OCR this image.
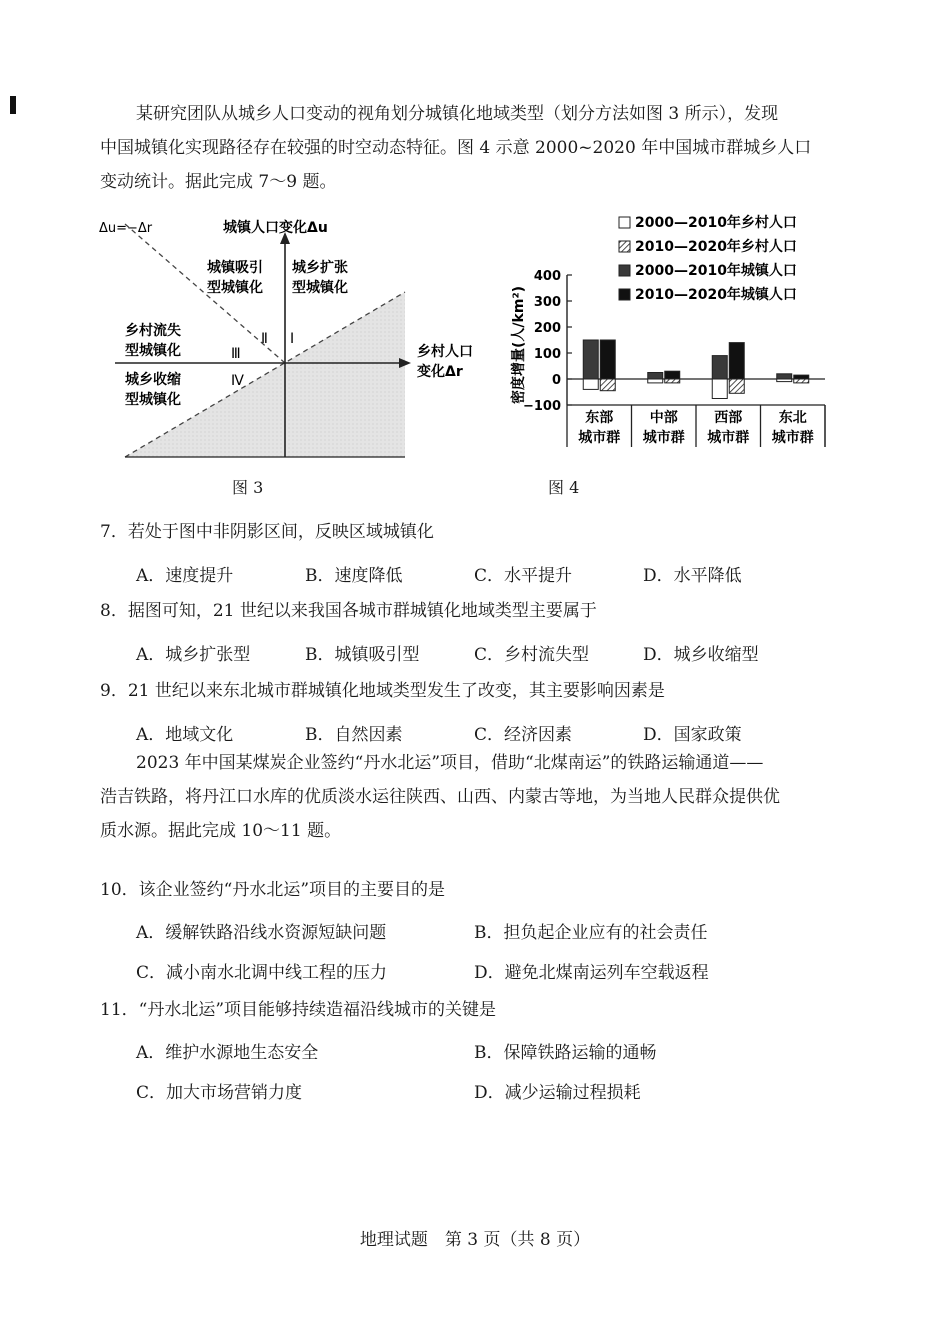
某研究团队从城乡人口变动的视角划分城镇化地域类型（划分方法如图 3 所示），发现
中国城镇化实现路径存在较强的时空动态特征。图 4 示意 2000~2020 年中国城市群城乡人口
变动统计。据此完成 7～9 题。
Δu=−Δr	城镇人口变化Δu
乡村人口
变化Δr
城镇吸引
型城镇化
城乡扩张
型城镇化
乡村流失
型城镇化
城乡收缩
型城镇化
Ⅰ
Ⅱ
Ⅲ
Ⅳ
图 3
密度增量(人/km²)
−100
0
100
200
300
400
东部
城市群
中部
城市群
西部
城市群
东北
城市群
2000—2010年乡村人口
2010—2020年乡村人口
2000—2010年城镇人口
2010—2020年城镇人口
图 4
7．若处于图中非阴影区间，反映区域城镇化
A．速度提升	B．速度降低	C．水平提升	D．水平降低
8．据图可知，21 世纪以来我国各城市群城镇化地域类型主要属于
A．城乡扩张型	B．城镇吸引型	C．乡村流失型	D．城乡收缩型
9．21 世纪以来东北城市群城镇化地域类型发生了改变，其主要影响因素是
A．地域文化	B．自然因素	C．经济因素	D．国家政策
2023 年中国某煤炭企业签约“丹水北运”项目，借助“北煤南运”的铁路运输通道——
浩吉铁路，将丹江口水库的优质淡水运往陕西、山西、内蒙古等地，为当地人民群众提供优
质水源。据此完成 10～11 题。
10．该企业签约“丹水北运”项目的主要目的是
A．缓解铁路沿线水资源短缺问题	B．担负起企业应有的社会责任
C．减小南水北调中线工程的压力	D．避免北煤南运列车空载返程
11．“丹水北运”项目能够持续造福沿线城市的关键是
A．维护水源地生态安全	B．保障铁路运输的通畅
C．加大市场营销力度	D．减少运输过程损耗
地理试题　第 3 页（共 8 页）
